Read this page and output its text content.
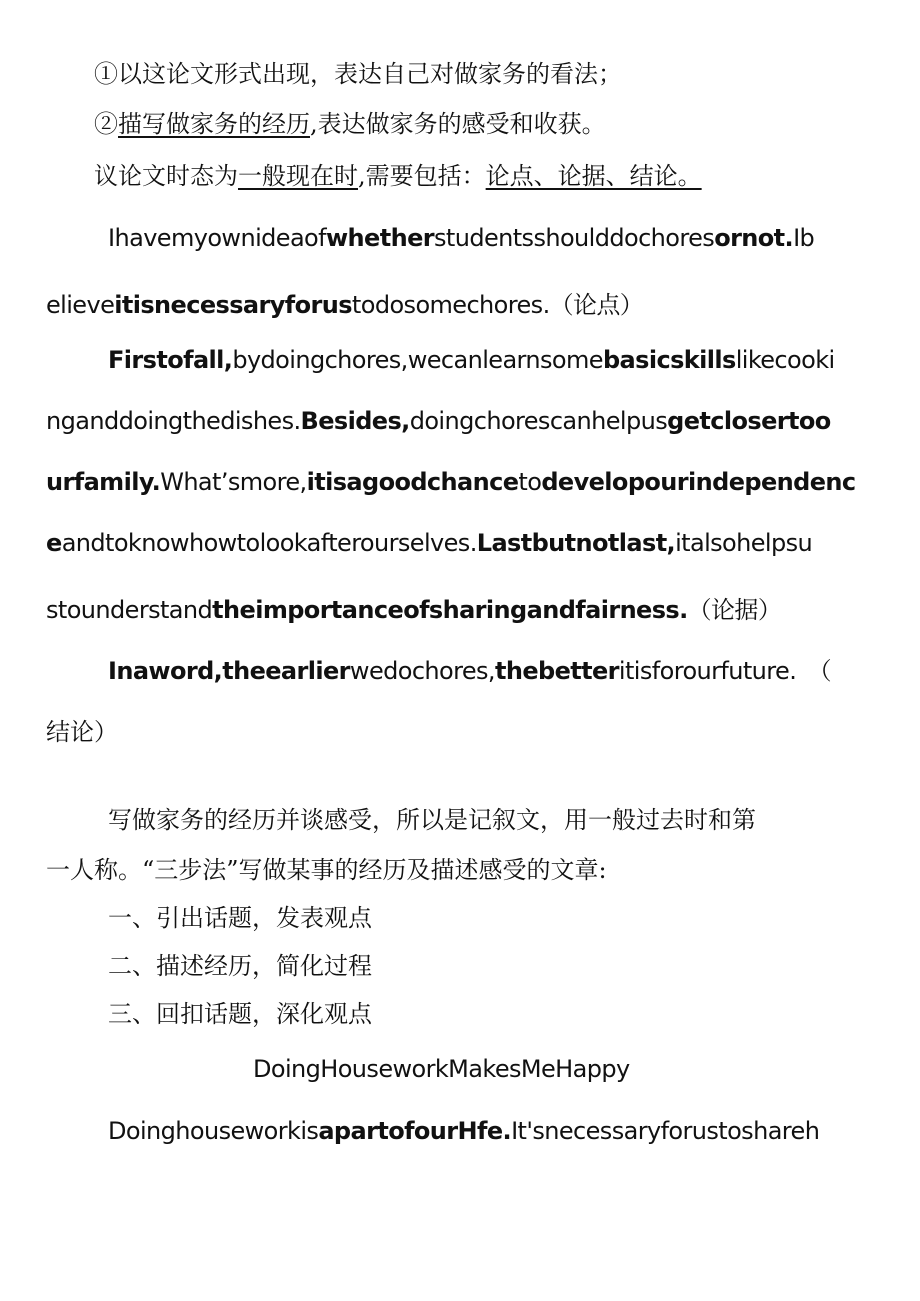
①以这论文形式出现，表达自己对做家务的看法；
②描写做家务的经历,表达做家务的感受和收获。
议论文时态为一般现在时,需要包括：论点、论据、结论。
Ihavemyownideaofwhetherstudentsshoulddochoresornot.Ib
elieveitisnecessaryforustodosomechores.（论点）
Firstofall,bydoingchores,wecanlearnsomebasicskillslikecooki
nganddoingthedishes.Besides,doingchorescanhelpusgetclosertoo
urfamily.What’smore,itisagoodchancetodevelopourindependenc
eandtoknowhowtolookafterourselves.Lastbutnotlast,italsohelpsu
stounderstandtheimportanceofsharingandfairness.（论据）
Inaword,theearlierwedochores,thebetteritisforourfuture.　（
结论）
写做家务的经历并谈感受，所以是记叙文，用一般过去时和第
一人称。“三步法”写做某事的经历及描述感受的文章:
一、引出话题，发表观点
二、描述经历，简化过程
三、回扣话题，深化观点
DoingHouseworkMakesMeHappy
DoinghouseworkisapartofourHfe.It'snecessaryforustoshareh
